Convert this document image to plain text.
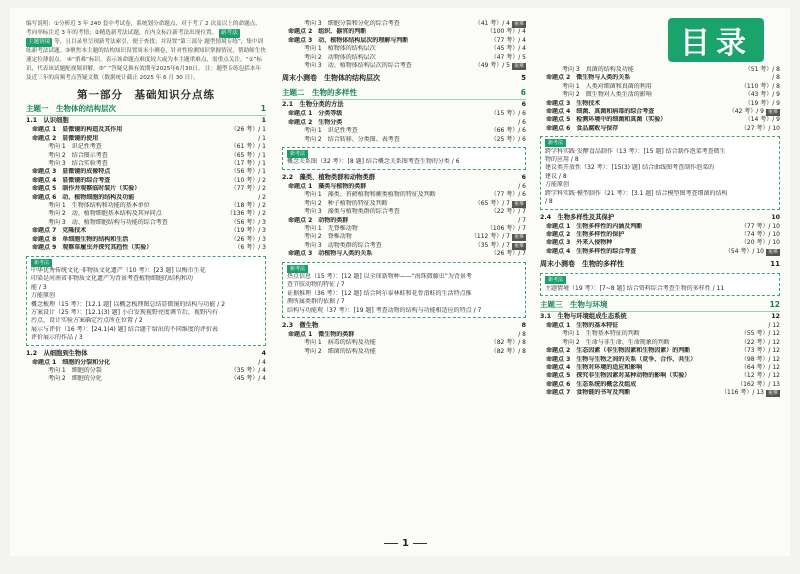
目录
编写说明：①分析近 3 年 240 套中考试卷，系统划分命题点，对于考了 2 次及以上的命题点，考向举标注近 3 年的考情；②精选新考法试题，在内文标注新考法出现位置。 新考法 主题情境 等，且目录里呈现新考法索引，便于查找；并设置“第三部分 题型情境专练”，集中训练新考法试题。③聚焦本主题的结构知识设置周末小测卷，针对性检测知识掌握情况，帮助师生快速定位薄弱点。 ④“重难”标识，表示该命题点难度较大或为本主题重难点，需重点关注。“①”标识，代表该试题配视频讲解。⑤“ ”答疑兑换有效期至2025年6月30日。 注：题型专练包括本年及近三年的高频考点答疑文数（数据统计截止 2025 年 6 月 30 日）。
第一部分　基础知识分点练
主题一　生物体的结构层次	1
1.1　认识细胞	1
命题点 1　显微镜的构造及其作用	（26 考）/ 1
命题点 2　显微镜的使用	/ 1
考向 1　识记性考查	（61 考）/ 1
考向 2　结合图示考查	（65 考）/ 1
考向 3　结合实验考查	（17 考）/ 1
命题点 3　显微镜的成像特点	（56 考）/ 1
命题点 4　显微镜的综合考查	（10 考）/ 2
命题点 5　制作并观察临时装片（实验）	（77 考）/ 2
命题点 6　动、植物细胞的结构及功能	/ 2
考向 1　生物体结构和功能的基本单位	（18 考）/ 2
考向 2　动、植物细胞基本结构及其异同点	（136 考）/ 2
考向 3　动、植物细胞结构与功能的综合考查	（56 考）/ 3
命题点 7　克隆技术	（19 考）/ 3
命题点 8　单细胞生物的结构和生活	（26 考）/ 3
命题点 9　观察草履虫并探究其趋性（实验）	（6 考）/ 3
新考法
中华优秀传统文化·非物质文化遗产（10 考）：[23 题] 以梅市生花
印染是河南省非物质文化遗产为背景考查植物细胞的结构和功
能 / 3
万能原创
概念梳理（15 考）：[12.1 题] 以概念梳理图总结显微镜的结构与功能 / 2
方案设计（25 考）：[12.1(3) 题] 小白发现视野亮度调节后，视野内有
污点，设计实验方案确定污点所在位置 / 2
展示与评价（16 考）：[24.1(4) 题] 结合题干给出的不同维度的评价表
评价展示的作品 / 3
1.2　从细胞到生物体	4
命题点 1　细胞的分裂和分化	/ 4
考向 1　细胞的分裂	（35 考）/ 4
考向 2　细胞的分化	（45 考）/ 4
考向 3　细胞分裂和分化的综合考查	（41 考）/ 4 重难
命题点 2　组织、器官的判断	（100 考）/ 4
命题点 3　动、植物体结构层次的理解与判断	（77 考）/ 4
考向 1　植物体的结构层次	（45 考）/ 4
考向 2　动物体的结构层次	（47 考）/ 5
考向 3　动、植物体结构层次的综合考查	（49 考）/ 5 重难
周末小测卷　生物体的结构层次	5
主题二　生物的多样性	6
2.1　生物分类的方法	6
命题点 1　分类等级	（15 考）/ 6
命题点 2　生物分类	/ 6
考向 1　识记性考查	（66 考）/ 6
考向 2　结合转移、分类图、表考查	（25 考）/ 6
新考法
概念关系图（32 考）：[8 题] 结合概念关系图考查生物的分类 / 6
2.2　藻类、植物类群和动物类群	6
命题点 1　藻类与植物的类群	/ 6
考向 1　藻类、苔藓植物和蕨类植物的特征及判断	（77 考）/ 6
考向 2　种子植物的特征及判断	（65 考）/ 7 重难
考向 3　藻类与植物类群的综合考查	（22 考）/ 7
命题点 2　动物的类群	/ 7
考向 1　无脊椎动物	（106 考）/ 7
考向 2　脊椎动物	（112 考）/ 7 重难
考向 3　动物类群的综合考查	（35 考）/ 7 重难
命题点 3　动植物与人类的关系	（26 考）/ 7
新考法
热点信息（15 考）：[12 题] 以全球新物种——“海珠微藤虫”为背景考
查节肢动物的特征 / 7
证据推理（36 考）：[12 题] 结合阿尔泰林蛙和花骨滑蛙的生活特点推
测所属类群的依据 / 7
结构与功能观（37 考）：[19 题] 考查动物的结构与功能相适应的特点 / 7
2.3　微生物	8
命题点 1　微生物的类群	/ 8
考向 1　病毒的结构及功能	（82 考）/ 8
考向 2　细菌的结构及功能	（82 考）/ 8
考向 3　真菌的结构及功能	（51 考）/ 8
命题点 2　微生物与人类的关系	/ 8
考向 1　人类对细菌和真菌的利用	（110 考）/ 8
考向 2　微生物对人类生活的影响	（43 考）/ 9
命题点 3　生物技术	（19 考）/ 9
命题点 4　细菌、真菌和病毒的综合考查	（42 考）/ 9 重难
命题点 5　检测环境中的细菌和真菌（实验）	（14 考）/ 9
命题点 6　食品腐败与保存	（27 考）/ 10
新考法
跨学科实践·发酵食品制作（13 考）：[15 题] 结合制作泡菜考查微生
物的应用 / 8
建议类开放性（32 考）：[15(3) 题] 结合曲线图考查制作泡菜的
建议 / 8
万能原创
跨学科实践·模型制作（21 考）：[3.1 题] 结合模型图考查细菌的结构
/ 8
2.4　生物多样性及其保护	10
命题点 1　生物多样性的内涵及判断	（77 考）/ 10
命题点 2　生物多样性的保护	（74 考）/ 10
命题点 3　外来入侵物种	（20 考）/ 10
命题点 4　生物多样性的综合考查	（54 考）/ 10 重难
周末小测卷　生物的多样性	11
新考法
主题情境（19 考）：[7~8 题] 结合资料综合考查生物的多样性 / 11
主题三　生物与环境	12
3.1　生物与环境组成生态系统	12
命题点 1　生物的基本特征	/ 12
考向 1　生物基本特征的判断	（55 考）/ 12
考向 2　生命与非生命、生命现象的判断	（22 考）/ 12
命题点 2　生态因素（非生物因素和生物因素）的判断	（73 考）/ 12
命题点 3　生物与生物之间的关系（竞争、合作、共生）	（98 考）/ 12
命题点 4　生物对环境的适应和影响	（64 考）/ 12
命题点 5　探究非生物因素对某种动物的影响（实验）	（12 考）/ 12
命题点 6　生态系统的概念及组成	（162 考）/ 13
命题点 7　食物链的书写及判断	（116 考）/ 13 重难
1
